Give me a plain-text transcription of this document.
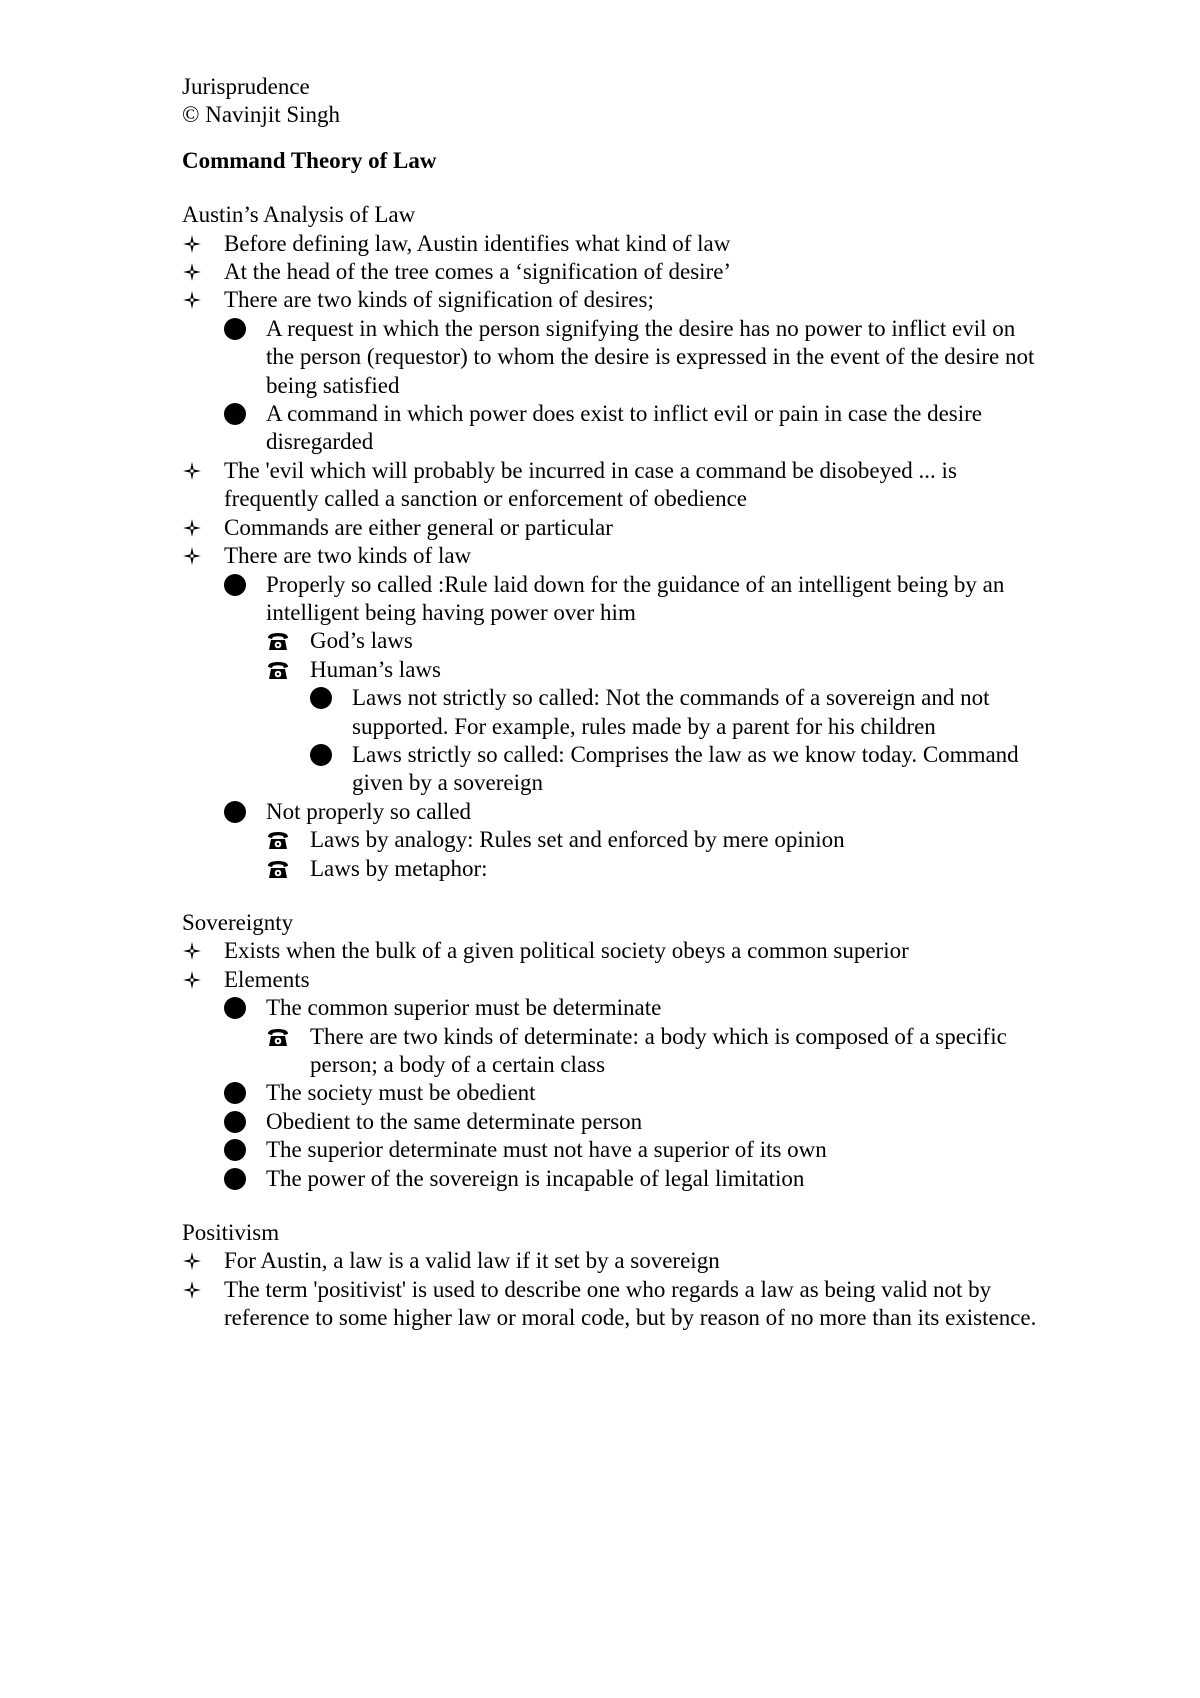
Jurisprudence

© Navinjit Singh

Command Theory of Law

Austin’s Analysis of Law

Before defining law, Austin identifies what kind of law
At the head of the tree comes a ‘signification of desire’
There are two kinds of signification of desires;
A request in which the person signifying the desire has no power to inflict evil on the person (requestor) to whom the desire is expressed in the event of the desire not being satisfied
A command in which power does exist to inflict evil or pain in case the desire disregarded
The 'evil which will probably be incurred in case a command be disobeyed ... is frequently called a sanction or enforcement of obedience
Commands are either general or particular
There are two kinds of law
Properly so called :Rule laid down for the guidance of an intelligent being by an intelligent being having power over him
God’s laws
Human’s laws
Laws not strictly so called: Not the commands of a sovereign and not supported. For example, rules made by a parent for his children
Laws strictly so called: Comprises the law as we know today. Command given by a sovereign
Not properly so called
Laws by analogy: Rules set and enforced by mere opinion
Laws by metaphor:

Sovereignty

Exists when the bulk of a given political society obeys a common superior
Elements
The common superior must be determinate
There are two kinds of determinate: a body which is composed of a specific person; a body of a certain class
The society must be obedient
Obedient to the same determinate person
The superior determinate must not have a superior of its own
The power of the sovereign is incapable of legal limitation

Positivism

For Austin, a law is a valid law if it set by a sovereign
The term 'positivist' is used to describe one who regards a law as being valid not by reference to some higher law or moral code, but by reason of no more than its existence.
